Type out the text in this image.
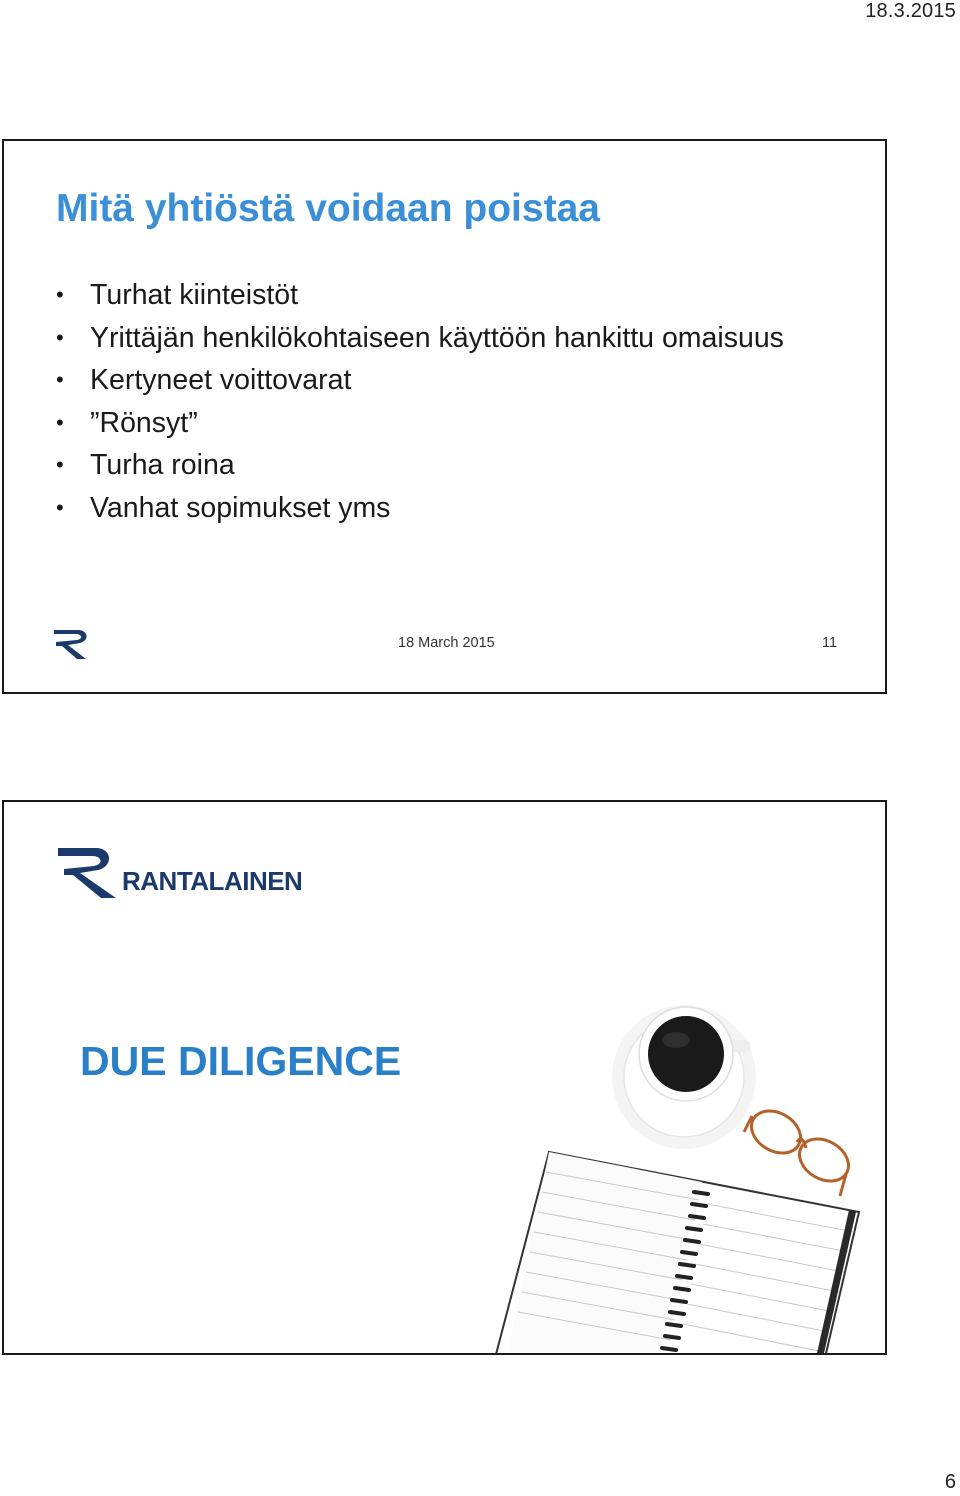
18.3.2015
Mitä yhtiöstä voidaan poistaa
• Turhat kiinteistöt
• Yrittäjän henkilökohtaiseen käyttöön hankittu omaisuus
• Kertyneet voittovarat
• ”Rönsyt”
• Turha roina
• Vanhat sopimukset yms
18 March 2015	11
RANTALAINEN
DUE DILIGENCE
6
